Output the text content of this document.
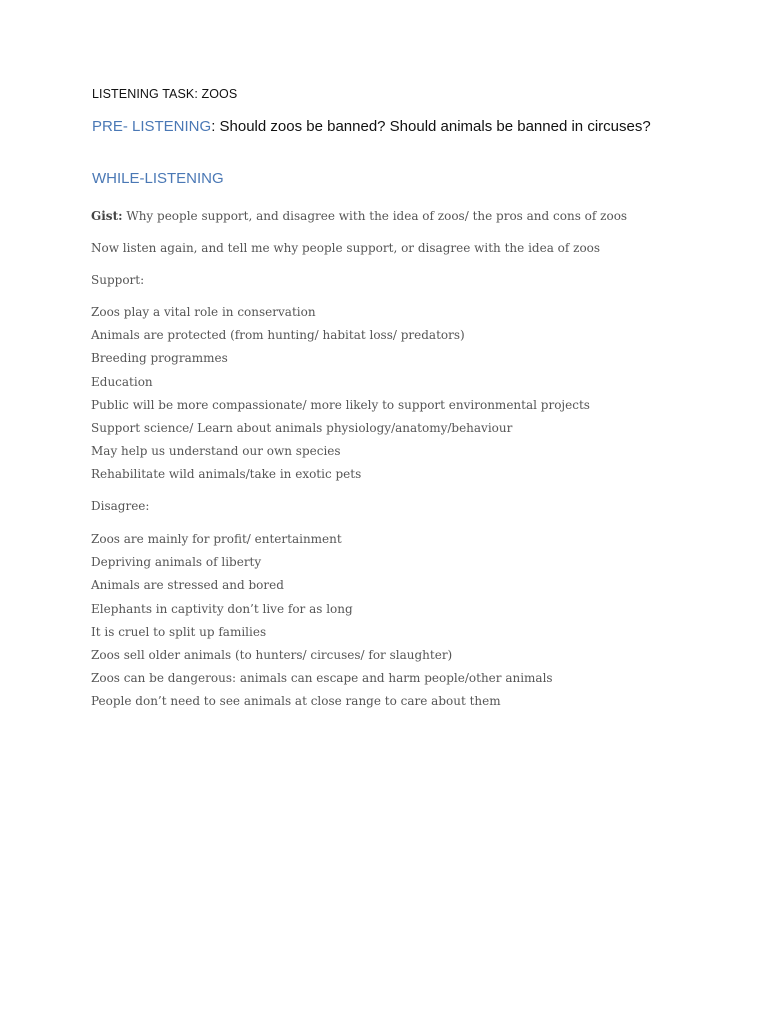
LISTENING TASK: ZOOS
PRE- LISTENING: Should zoos be banned? Should animals be banned in circuses?
WHILE-LISTENING
Gist: Why people support, and disagree with the idea of zoos/ the pros and cons of zoos
Now listen again, and tell me why people support, or disagree with the idea of zoos
Support:
Zoos play a vital role in conservation
Animals are protected (from hunting/ habitat loss/ predators)
Breeding programmes
Education
Public will be more compassionate/ more likely to support environmental projects
Support science/ Learn about animals physiology/anatomy/behaviour
May help us understand our own species
Rehabilitate wild animals/take in exotic pets
Disagree:
Zoos are mainly for profit/ entertainment
Depriving animals of liberty
Animals are stressed and bored
Elephants in captivity don’t live for as long
It is cruel to split up families
Zoos sell older animals (to hunters/ circuses/ for slaughter)
Zoos can be dangerous: animals can escape and harm people/other animals
People don’t need to see animals at close range to care about them
